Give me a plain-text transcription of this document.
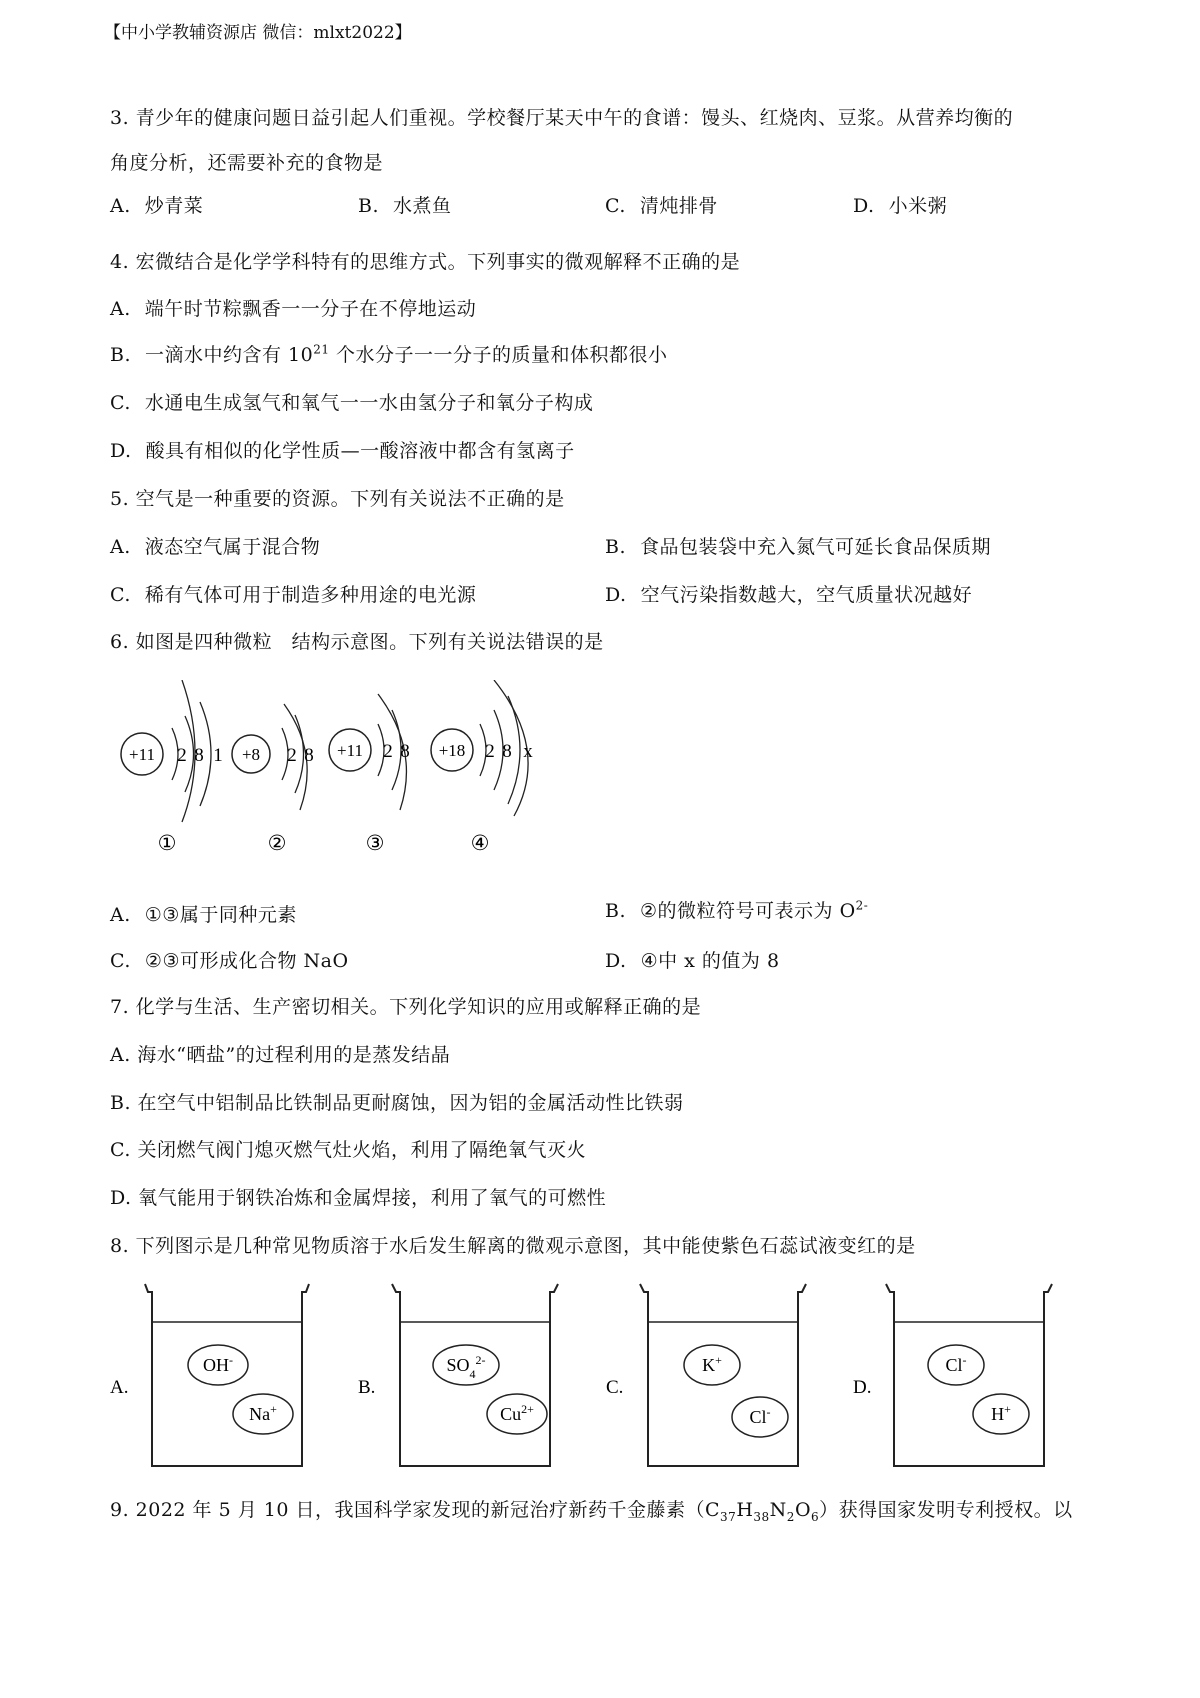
【中小学教辅资源店 微信：mlxt2022】
3. 青少年的健康问题日益引起人们重视。学校餐厅某天中午的食谱：馒头、红烧肉、豆浆。从营养均衡的
角度分析，还需要补充的食物是
A. 炒青菜	B. 水煮鱼	C. 清炖排骨	D. 小米粥
4. 宏微结合是化学学科特有的思维方式。下列事实的微观解释不正确的是
A. 端午时节粽飘香一一分子在不停地运动
B. 一滴水中约含有 $10^{21}$ 个水分子一一分子的质量和体积都很小
C. 水通电生成氢气和氧气一一水由氢分子和氧分子构成
D. 酸具有相似的化学性质—一酸溶液中都含有氢离子
5. 空气是一种重要的资源。下列有关说法不正确的是
A. 液态空气属于混合物	B. 食品包装袋中充入氮气可延长食品保质期
C. 稀有气体可用于制造多种用途的电光源	D. 空气污染指数越大，空气质量状况越好
6. 如图是四种微粒　结构示意图。下列有关说法错误的是
+11 2 8 1
①
+8 2 8
②
+11 2 8
③
+18 2 8 x
④
A. ①③属于同种元素	B. ②的微粒符号可表示为 $O^{2-}$
C. ②③可形成化合物 NaO	D. ④中 x 的值为 8
7. 化学与生活、生产密切相关。下列化学知识的应用或解释正确的是
A. 海水“晒盐”的过程利用的是蒸发结晶
B. 在空气中铝制品比铁制品更耐腐蚀，因为铝的金属活动性比铁弱
C. 关闭燃气阀门熄灭燃气灶火焰，利用了隔绝氧气灭火
D. 氧气能用于钢铁冶炼和金属焊接，利用了氧气的可燃性
8. 下列图示是几种常见物质溶于水后发生解离的微观示意图，其中能使紫色石蕊试液变红的是
A.
OH-
Na+
B.
$SO_4^{2-}$
$Cu^{2+}$
C.
K+
Cl-
D.
Cl-
H+
9. 2022 年 5 月 10 日，我国科学家发现的新冠治疗新药千金藤素$(C_{37}H_{38}N_2O_6)$获得国家发明专利授权。以
